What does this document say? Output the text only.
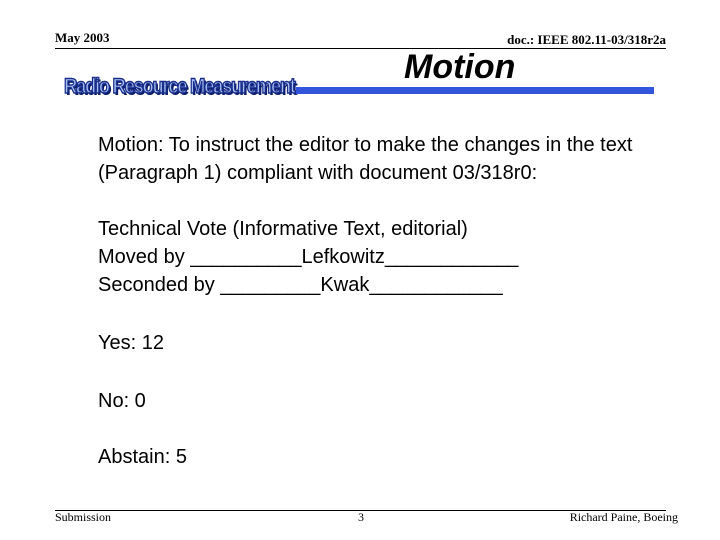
May 2003	doc.: IEEE 802.11-03/318r2a
Radio Resource Measurement
Motion

Motion: To instruct the editor to make the changes in the text (Paragraph 1) compliant with document 03/318r0:

Technical Vote (Informative Text, editorial)

Moved by __________Lefkowitz____________

Seconded by _________Kwak____________

Yes: 12

No: 0

Abstain: 5

Submission	3	Richard Paine, Boeing
